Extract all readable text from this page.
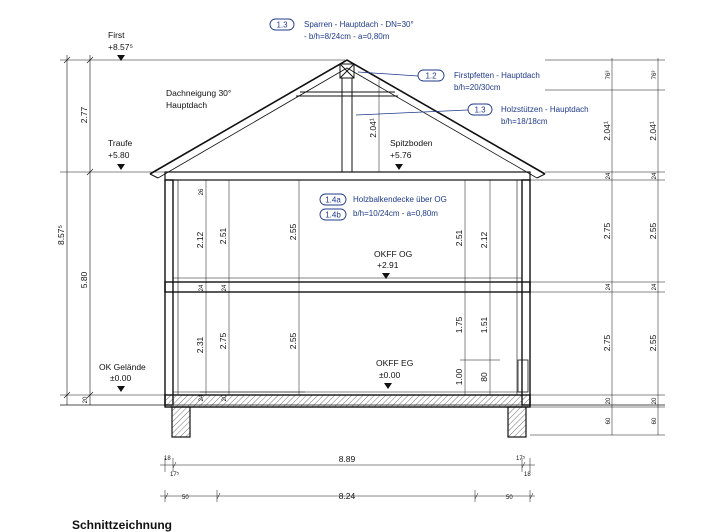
8.57⁵
2.77
5.80
20
First
+8.57⁵
Traufe
+5.80
Spitzboden
+5.76
OKFF OG
+2.91
OKFF EG
±0.00
OK Gelände
±0.00
Dachneigung 30°
Hauptdach
1.3 Sparren - Hauptdach - DN=30°
- b/h=8/24cm - a=0,80m
1.2 Firstpfetten - Hauptdach
b/h=20/30cm
1.3 Holzstützen - Hauptdach
b/h=18/18cm
1.4a
1.4b
Holzbalkendecke über OG
b/h=10/24cm - a=0,80m
2.12 2.51	2.55
2.31 2.75	2.55
24	24
26
24	20
2.04¹
2.51 2.12
1.75 1.51
1.00 80
76³
2.04¹
24
2.75
24
2.75
20
60
76³
2.04¹
24
2.55
24
2.55
20
60
18
17⁵
8.89	17⁵
18
50	8.24	50
Schnittzeichnung
